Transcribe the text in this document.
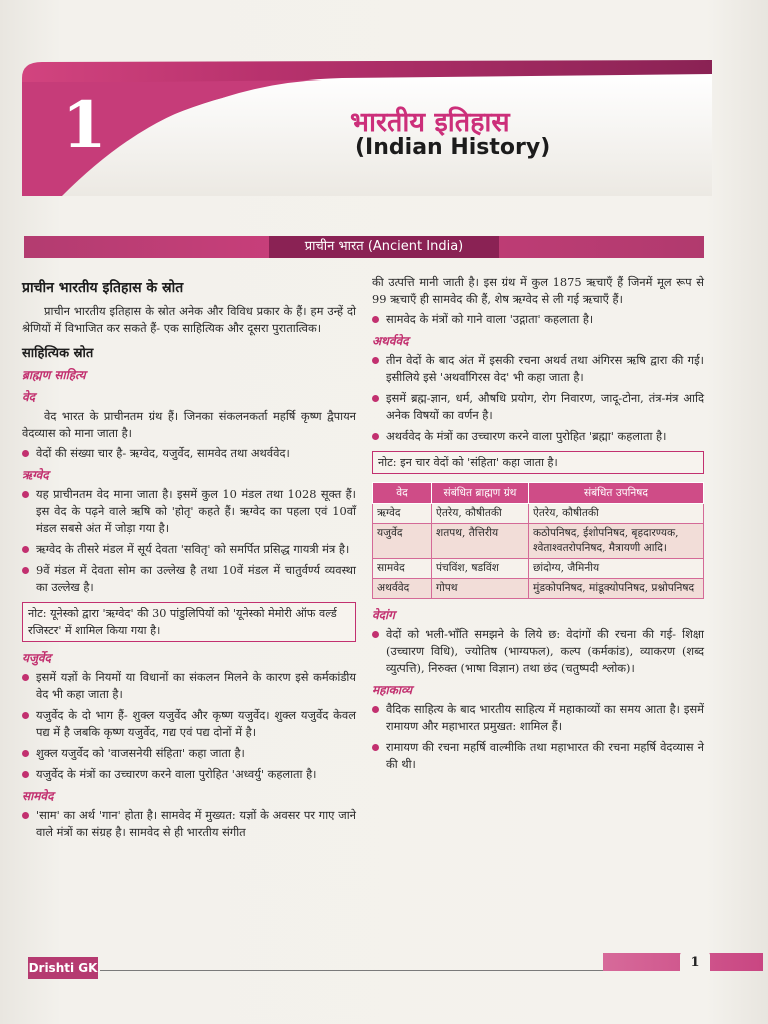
1	भारतीय इतिहास
(Indian History)
प्राचीन भारत (Ancient India)
प्राचीन भारतीय इतिहास के स्रोत

प्राचीन भारतीय इतिहास के स्रोत अनेक और विविध प्रकार के हैं। हम उन्हें दो श्रेणियों में विभाजित कर सकते हैं- एक साहित्यिक और दूसरा पुरातात्विक।

साहित्यिक स्रोत
ब्राह्मण साहित्य
वेद

वेद भारत के प्राचीनतम ग्रंथ हैं। जिनका संकलनकर्ता महर्षि कृष्ण द्वैपायन वेदव्यास को माना जाता है।

वेदों की संख्या चार है- ऋग्वेद, यजुर्वेद, सामवेद तथा अथर्ववेद।
ऋग्वेद
यह प्राचीनतम वेद माना जाता है। इसमें कुल 10 मंडल तथा 1028 सूक्त हैं। इस वेद के पढ़ने वाले ऋषि को 'होतृ' कहते हैं। ऋग्वेद का पहला एवं 10वाँ मंडल सबसे अंत में जोड़ा गया है।
ऋग्वेद के तीसरे मंडल में सूर्य देवता 'सवितृ' को समर्पित प्रसिद्ध गायत्री मंत्र है।
9वें मंडल में देवता सोम का उल्लेख है तथा 10वें मंडल में चातुर्वर्ण्य व्यवस्था का उल्लेख है।
नोट: यूनेस्को द्वारा 'ऋग्वेद' की 30 पांडुलिपियों को 'यूनेस्को मेमोरी ऑफ वर्ल्ड रजिस्टर' में शामिल किया गया है।
यजुर्वेद
इसमें यज्ञों के नियमों या विधानों का संकलन मिलने के कारण इसे कर्मकांडीय वेद भी कहा जाता है।
यजुर्वेद के दो भाग हैं- शुक्ल यजुर्वेद और कृष्ण यजुर्वेद। शुक्ल यजुर्वेद केवल पद्य में है जबकि कृष्ण यजुर्वेद, गद्य एवं पद्य दोनों में है।
शुक्ल यजुर्वेद को 'वाजसनेयी संहिता' कहा जाता है।
यजुर्वेद के मंत्रों का उच्चारण करने वाला पुरोहित 'अध्वर्यु' कहलाता है।
सामवेद
'साम' का अर्थ 'गान' होता है। सामवेद में मुख्यत: यज्ञों के अवसर पर गाए जाने वाले मंत्रों का संग्रह है। सामवेद से ही भारतीय संगीत

की उत्पत्ति मानी जाती है। इस ग्रंथ में कुल 1875 ऋचाएँ हैं जिनमें मूल रूप से 99 ऋचाएँ ही सामवेद की हैं, शेष ऋग्वेद से ली गई ऋचाएँ हैं।

सामवेद के मंत्रों को गाने वाला 'उद्गाता' कहलाता है।
अथर्ववेद
तीन वेदों के बाद अंत में इसकी रचना अथर्व तथा अंगिरस ऋषि द्वारा की गई। इसीलिये इसे 'अथर्वांगिरस वेद' भी कहा जाता है।
इसमें ब्रह्म-ज्ञान, धर्म, औषधि प्रयोग, रोग निवारण, जादू-टोना, तंत्र-मंत्र आदि अनेक विषयों का वर्णन है।
अथर्ववेद के मंत्रों का उच्चारण करने वाला पुरोहित 'ब्रह्मा' कहलाता है।
नोट: इन चार वेदों को 'संहिता' कहा जाता है।
वेद	संबंधित ब्राह्मण ग्रंथ	संबंधित उपनिषद
ऋग्वेद	ऐतरेय, कौषीतकी	ऐतरेय, कौषीतकी
यजुर्वेद	शतपथ, तैत्तिरीय	कठोपनिषद, ईशोपनिषद, बृहदारण्यक, श्वेताश्वतरोपनिषद, मैत्रायणी आदि।
सामवेद	पंचविंश, षडविंश	छांदोग्य, जैमिनीय
अथर्ववेद	गोपथ	मुंडकोपनिषद, मांडूक्योपनिषद, प्रश्नोपनिषद
वेदांग
वेदों को भली-भाँति समझने के लिये छ: वेदांगों की रचना की गई- शिक्षा (उच्चारण विधि), ज्योतिष (भाग्यफल), कल्प (कर्मकांड), व्याकरण (शब्द व्युत्पत्ति), निरुक्त (भाषा विज्ञान) तथा छंद (चतुष्पदी श्लोक)।
महाकाव्य
वैदिक साहित्य के बाद भारतीय साहित्य में महाकाव्यों का समय आता है। इसमें रामायण और महाभारत प्रमुखत: शामिल हैं।
रामायण की रचना महर्षि वाल्मीकि तथा महाभारत की रचना महर्षि वेदव्यास ने की थी।
Drishti GK	1
